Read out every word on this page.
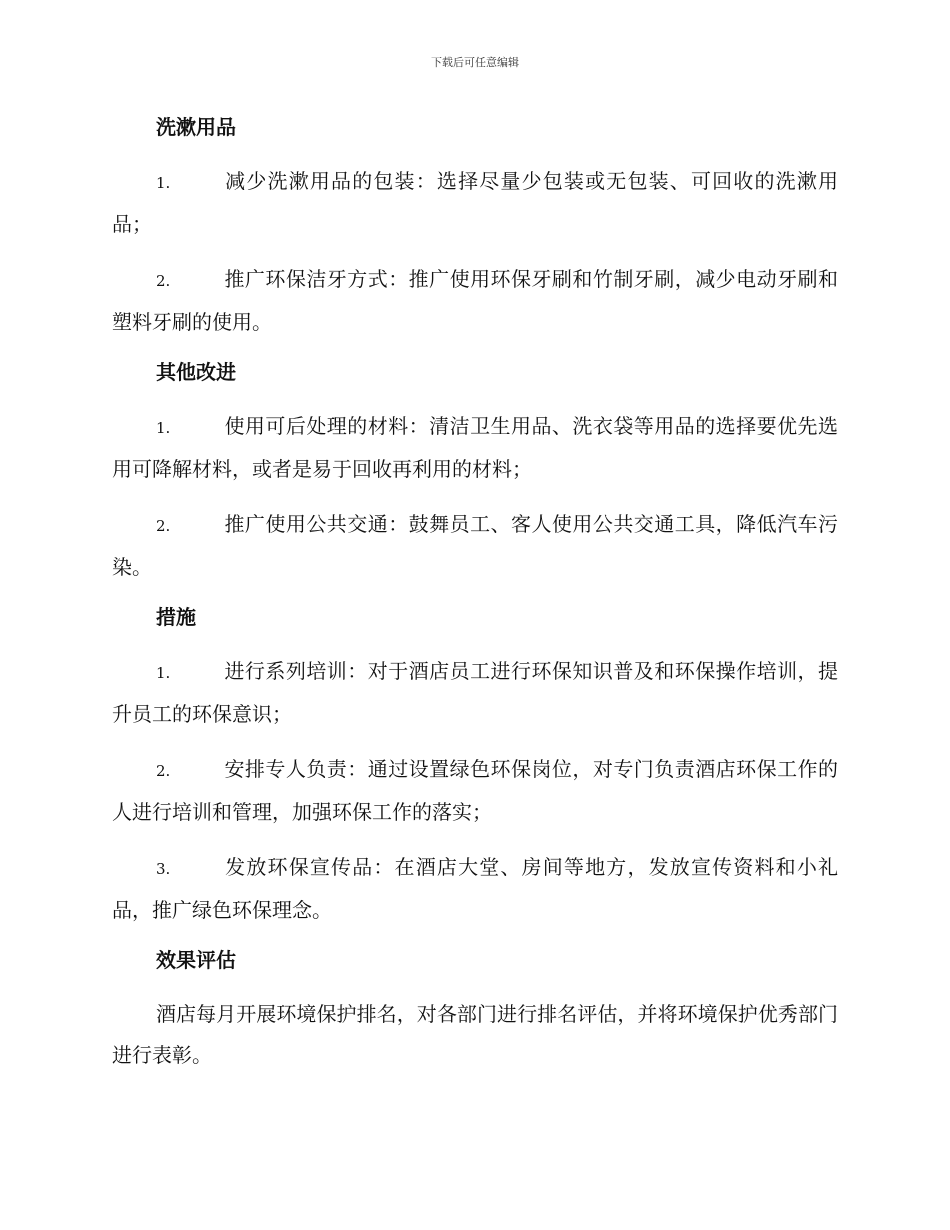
下载后可任意编辑
洗漱用品
1.	减少洗漱用品的包装：选择尽量少包装或无包装、可回收的洗漱用品；
2.	推广环保洁牙方式：推广使用环保牙刷和竹制牙刷，减少电动牙刷和塑料牙刷的使用。
其他改进
1.	使用可后处理的材料：清洁卫生用品、洗衣袋等用品的选择要优先选用可降解材料，或者是易于回收再利用的材料；
2.	推广使用公共交通：鼓舞员工、客人使用公共交通工具，降低汽车污染。
措施
1.	进行系列培训：对于酒店员工进行环保知识普及和环保操作培训，提升员工的环保意识；
2.	安排专人负责：通过设置绿色环保岗位，对专门负责酒店环保工作的人进行培训和管理，加强环保工作的落实；
3.	发放环保宣传品：在酒店大堂、房间等地方，发放宣传资料和小礼品，推广绿色环保理念。
效果评估

酒店每月开展环境保护排名，对各部门进行排名评估，并将环境保护优秀部门进行表彰。
